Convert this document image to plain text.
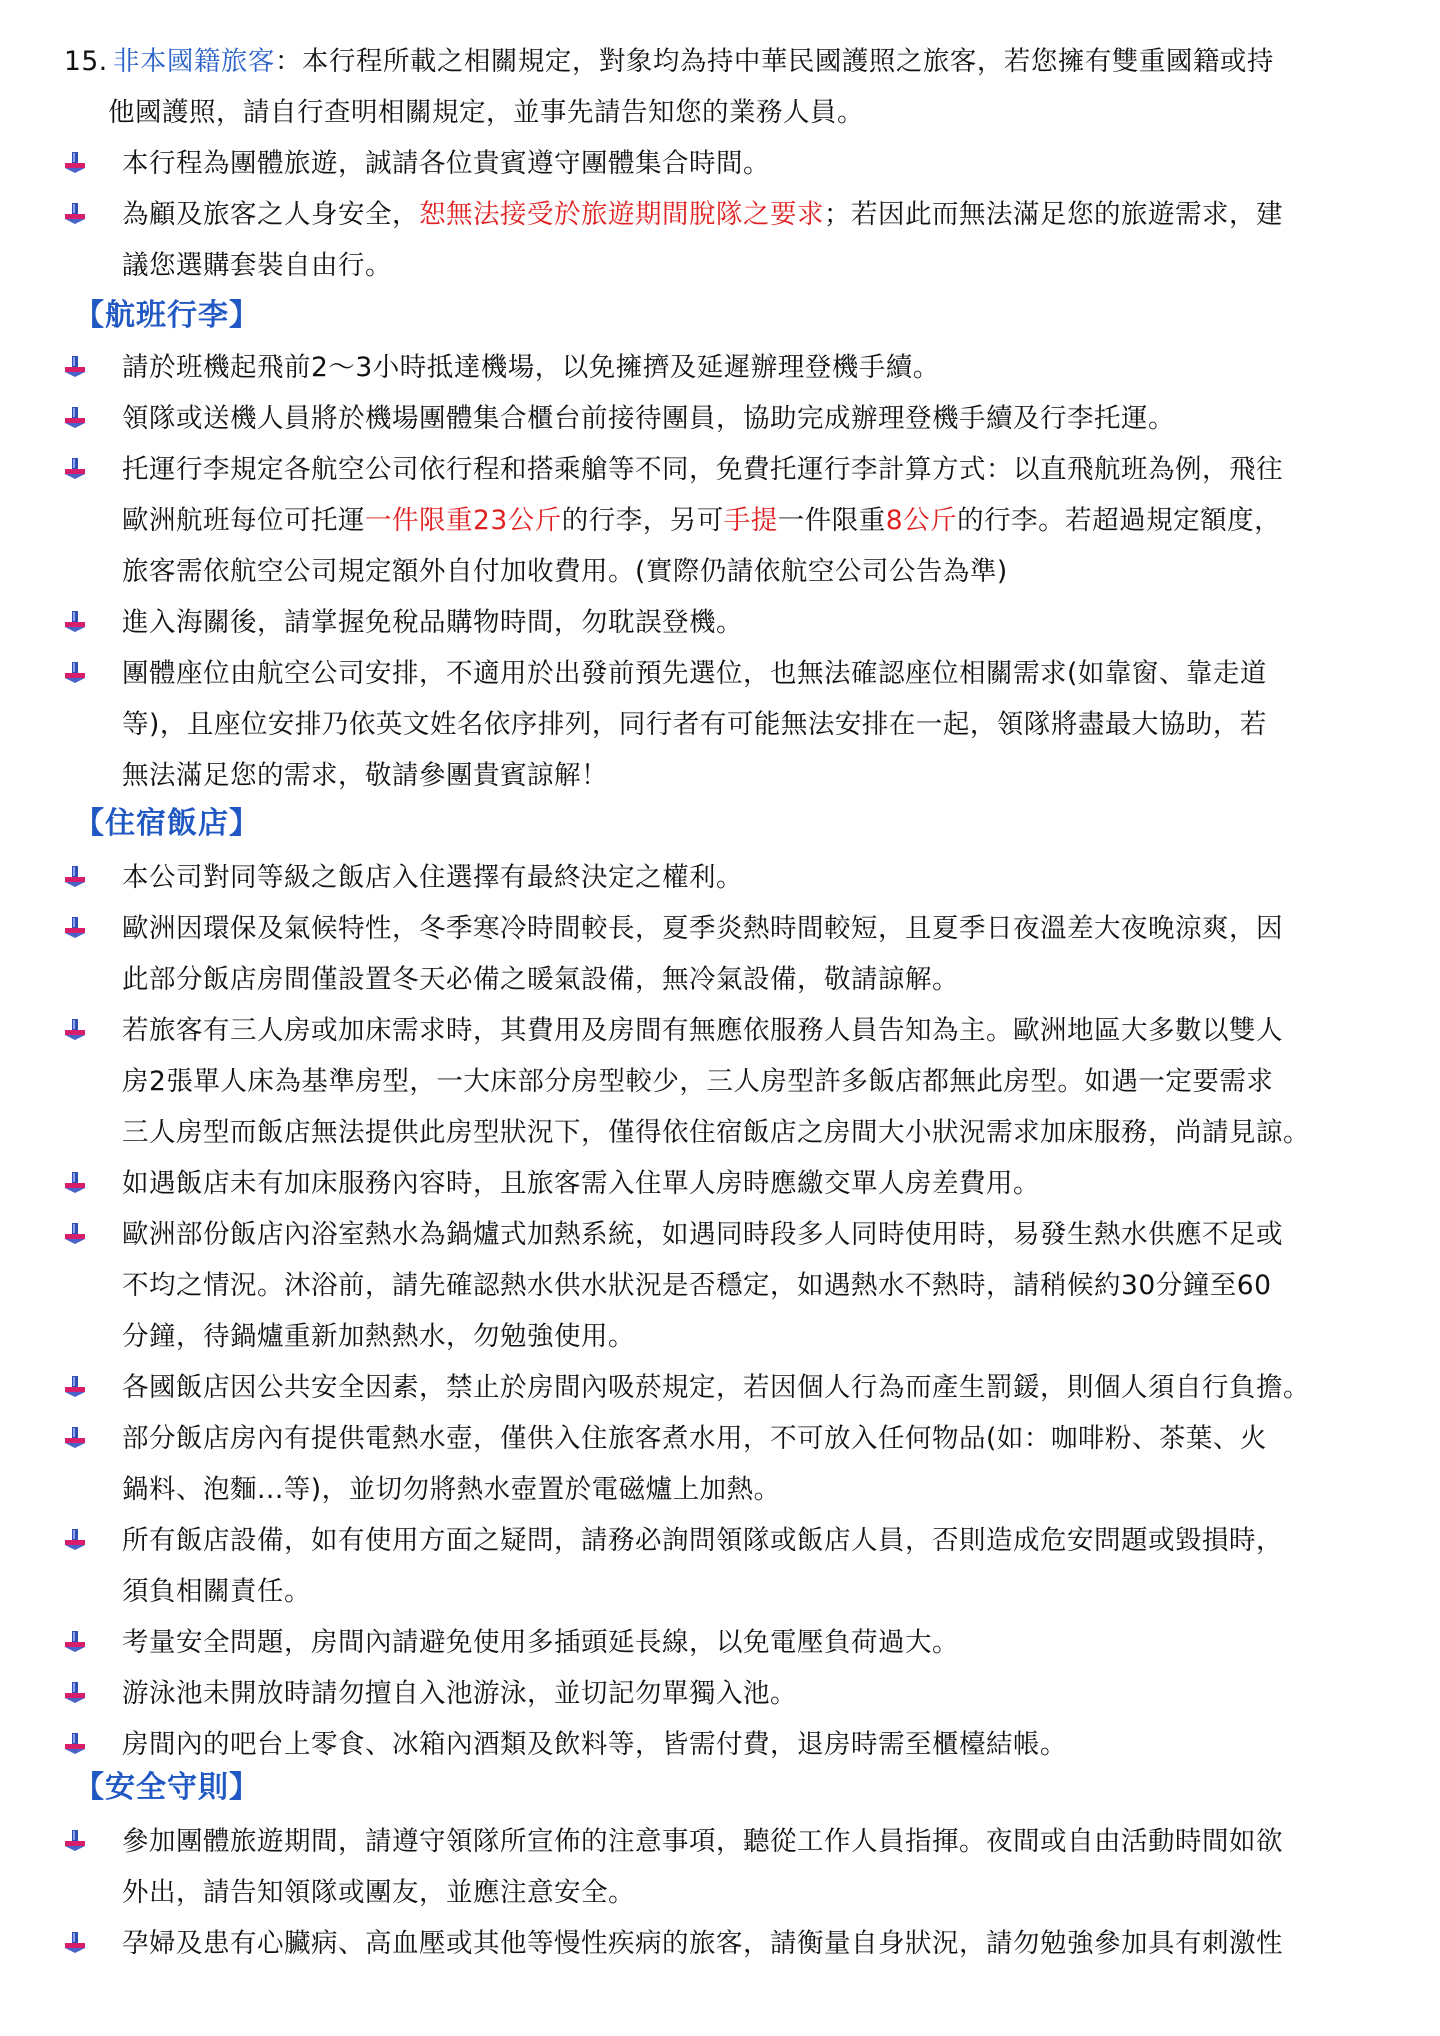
15. 非本國籍旅客：本行程所載之相關規定，對象均為持中華民國護照之旅客，若您擁有雙重國籍或持
他國護照，請自行查明相關規定，並事先請告知您的業務人員。
本行程為團體旅遊，誠請各位貴賓遵守團體集合時間。
為顧及旅客之人身安全，恕無法接受於旅遊期間脫隊之要求；若因此而無法滿足您的旅遊需求，建
議您選購套裝自由行。
【航班行李】
請於班機起飛前2～3小時抵達機場，以免擁擠及延遲辦理登機手續。
領隊或送機人員將於機場團體集合櫃台前接待團員，協助完成辦理登機手續及行李托運。
托運行李規定各航空公司依行程和搭乘艙等不同，免費托運行李計算方式：以直飛航班為例，飛往
歐洲航班每位可托運一件限重23公斤的行李，另可手提一件限重8公斤的行李。若超過規定額度，
旅客需依航空公司規定額外自付加收費用。(實際仍請依航空公司公告為準)
進入海關後，請掌握免稅品購物時間，勿耽誤登機。
團體座位由航空公司安排，不適用於出發前預先選位，也無法確認座位相關需求(如靠窗、靠走道
等)，且座位安排乃依英文姓名依序排列，同行者有可能無法安排在一起，領隊將盡最大協助，若
無法滿足您的需求，敬請參團貴賓諒解！
【住宿飯店】
本公司對同等級之飯店入住選擇有最終決定之權利。
歐洲因環保及氣候特性，冬季寒冷時間較長，夏季炎熱時間較短，且夏季日夜溫差大夜晚涼爽，因
此部分飯店房間僅設置冬天必備之暖氣設備，無冷氣設備，敬請諒解。
若旅客有三人房或加床需求時，其費用及房間有無應依服務人員告知為主。歐洲地區大多數以雙人
房2張單人床為基準房型，一大床部分房型較少，三人房型許多飯店都無此房型。如遇一定要需求
三人房型而飯店無法提供此房型狀況下，僅得依住宿飯店之房間大小狀況需求加床服務，尚請見諒。
如遇飯店未有加床服務內容時，且旅客需入住單人房時應繳交單人房差費用。
歐洲部份飯店內浴室熱水為鍋爐式加熱系統，如遇同時段多人同時使用時，易發生熱水供應不足或
不均之情況。沐浴前，請先確認熱水供水狀況是否穩定，如遇熱水不熱時，請稍候約30分鐘至60
分鐘，待鍋爐重新加熱熱水，勿勉強使用。
各國飯店因公共安全因素，禁止於房間內吸菸規定，若因個人行為而產生罰鍰，則個人須自行負擔。
部分飯店房內有提供電熱水壺，僅供入住旅客煮水用，不可放入任何物品(如：咖啡粉、茶葉、火
鍋料、泡麵...等)，並切勿將熱水壺置於電磁爐上加熱。
所有飯店設備，如有使用方面之疑問，請務必詢問領隊或飯店人員，否則造成危安問題或毀損時，
須負相關責任。
考量安全問題，房間內請避免使用多插頭延長線，以免電壓負荷過大。
游泳池未開放時請勿擅自入池游泳，並切記勿單獨入池。
房間內的吧台上零食、冰箱內酒類及飲料等，皆需付費，退房時需至櫃檯結帳。
【安全守則】
參加團體旅遊期間，請遵守領隊所宣佈的注意事項，聽從工作人員指揮。夜間或自由活動時間如欲
外出，請告知領隊或團友，並應注意安全。
孕婦及患有心臟病、高血壓或其他等慢性疾病的旅客，請衡量自身狀況，請勿勉強參加具有刺激性
